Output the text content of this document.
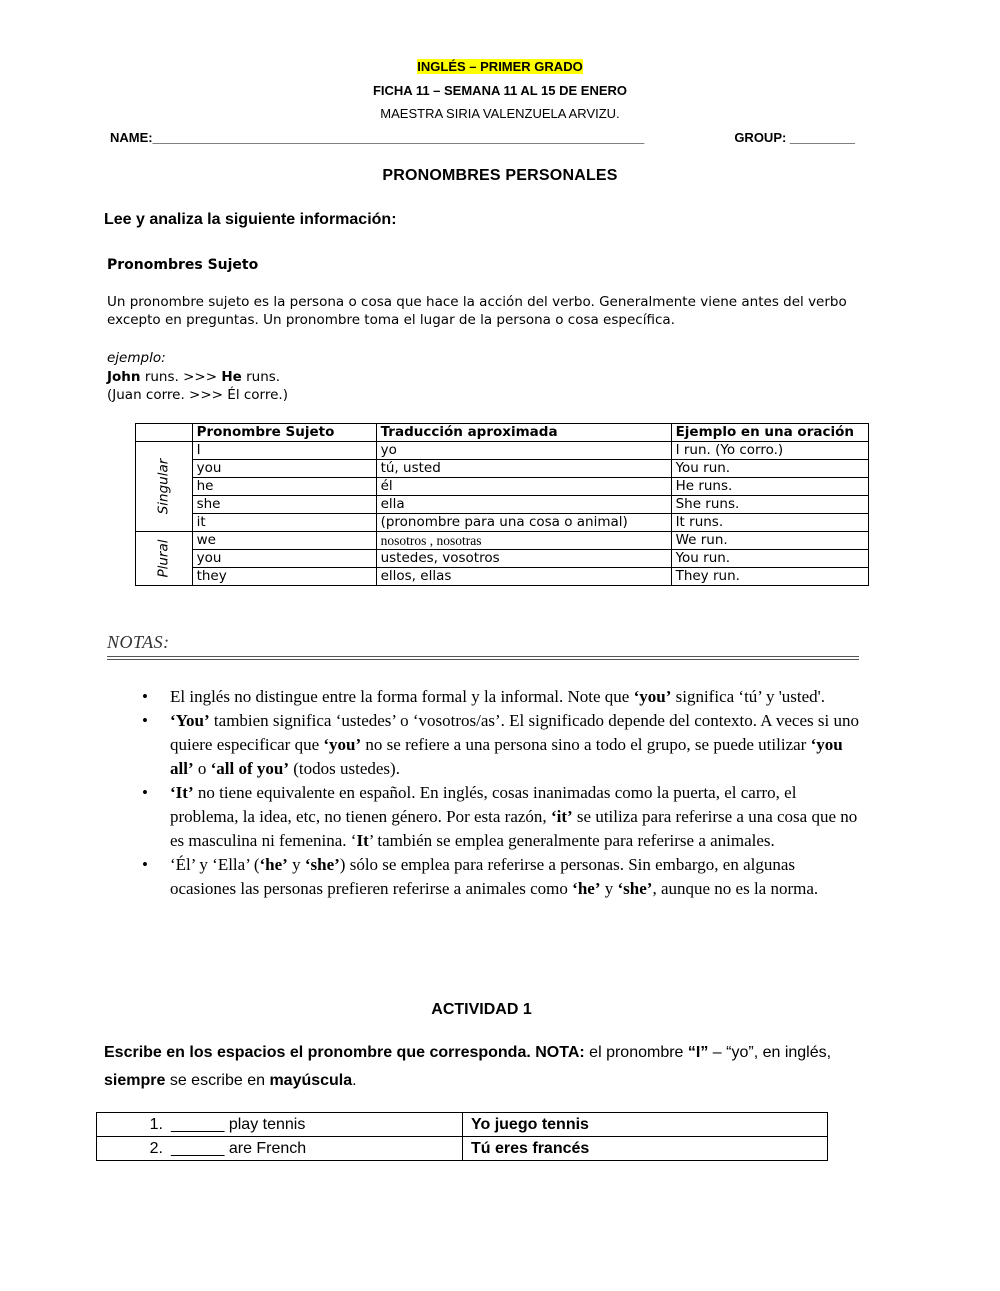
INGLÉS – PRIMER GRADO
FICHA 11 – SEMANA 11 AL 15 DE ENERO
MAESTRA SIRIA VALENZUELA ARVIZU.
NAME:____________________________________________________________________	GROUP: _________
PRONOMBRES PERSONALES
Lee y analiza la siguiente información:
Pronombres Sujeto
Un pronombre sujeto es la persona o cosa que hace la acción del verbo. Generalmente viene antes del verbo excepto en preguntas. Un pronombre toma el lugar de la persona o cosa específica.
ejemplo:
John runs. >>> He runs.
(Juan corre. >>> Él corre.)
	Pronombre Sujeto	Traducción aproximada	Ejemplo en una oración
Singular	I	yo	I run. (Yo corro.)
	you	tú, usted	You run.
	he	él	He runs.
	she	ella	She runs.
	it	(pronombre para una cosa o animal)	It runs.
Plural	we	nosotros , nosotras	We run.
	you	ustedes, vosotros	You run.
	they	ellos, ellas	They run.
NOTAS:
• El inglés no distingue entre la forma formal y la informal. Note que ‘you’ significa ‘tú’ y 'usted'.
• ‘You’ tambien significa ‘ustedes’ o ‘vosotros/as’. El significado depende del contexto. A veces si uno quiere especificar que ‘you’ no se refiere a una persona sino a todo el grupo, se puede utilizar ‘you all’ o ‘all of you’ (todos ustedes).
• ‘It’ no tiene equivalente en español. En inglés, cosas inanimadas como la puerta, el carro, el problema, la idea, etc, no tienen género. Por esta razón, ‘it’ se utiliza para referirse a una cosa que no es masculina ni femenina. ‘It’ también se emplea generalmente para referirse a animales.
• ‘Él’ y ‘Ella’ (‘he’ y ‘she’) sólo se emplea para referirse a personas. Sin embargo, en algunas ocasiones las personas prefieren referirse a animales como ‘he’ y ‘she’, aunque no es la norma.
ACTIVIDAD 1
Escribe en los espacios el pronombre que corresponda. NOTA: el pronombre “I” – “yo”, en inglés, siempre se escribe en mayúscula.
1. ______ play tennis	Yo juego tennis
2. ______ are French	Tú eres francés
